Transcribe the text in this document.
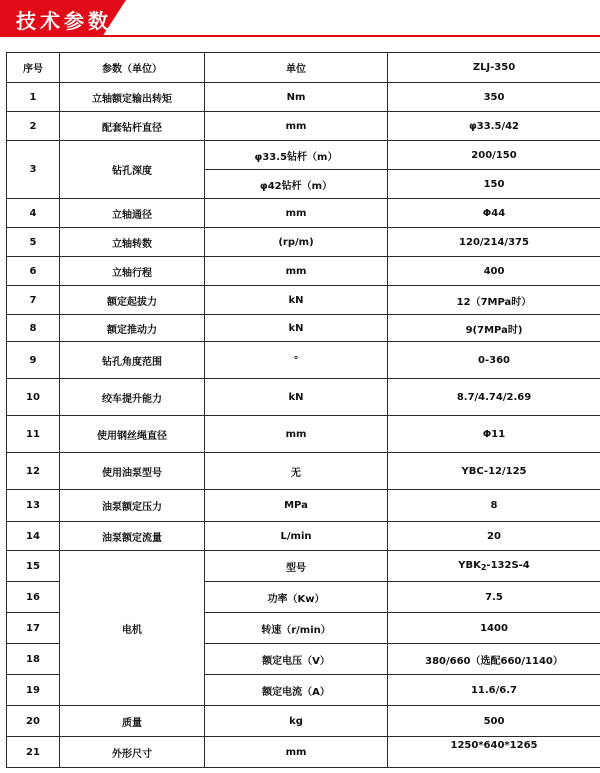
技术参数
序号	参数（单位）	单位	ZLJ-350
1	立轴额定输出转矩	Nm	350
2	配套钻杆直径	mm	φ33.5/42
3	钻孔深度	φ33.5钻杆（m）	200/150
		φ42钻杆（m）	150
4	立轴通径	mm	Φ44
5	立轴转数	(rp/m)	120/214/375
6	立轴行程	mm	400
7	额定起拔力	kN	12（7MPa时）
8	额定推动力	kN	9(7MPa时)
9	钻孔角度范围	°	0-360
10	绞车提升能力	kN	8.7/4.74/2.69
11	使用钢丝绳直径	mm	Φ11
12	使用油泵型号	无	YBC-12/125
13	油泵额定压力	MPa	8
14	油泵额定流量	L/min	20
15	电机	型号	$YBK_2-132S-4$
16		功率（Kw）	7.5
17		转速（r/min）	1400
18		额定电压（V）	380/660（选配660/1140）
19		额定电流（A）	11.6/6.7
20	质量	kg	500
21	外形尺寸	mm	1250*640*1265
